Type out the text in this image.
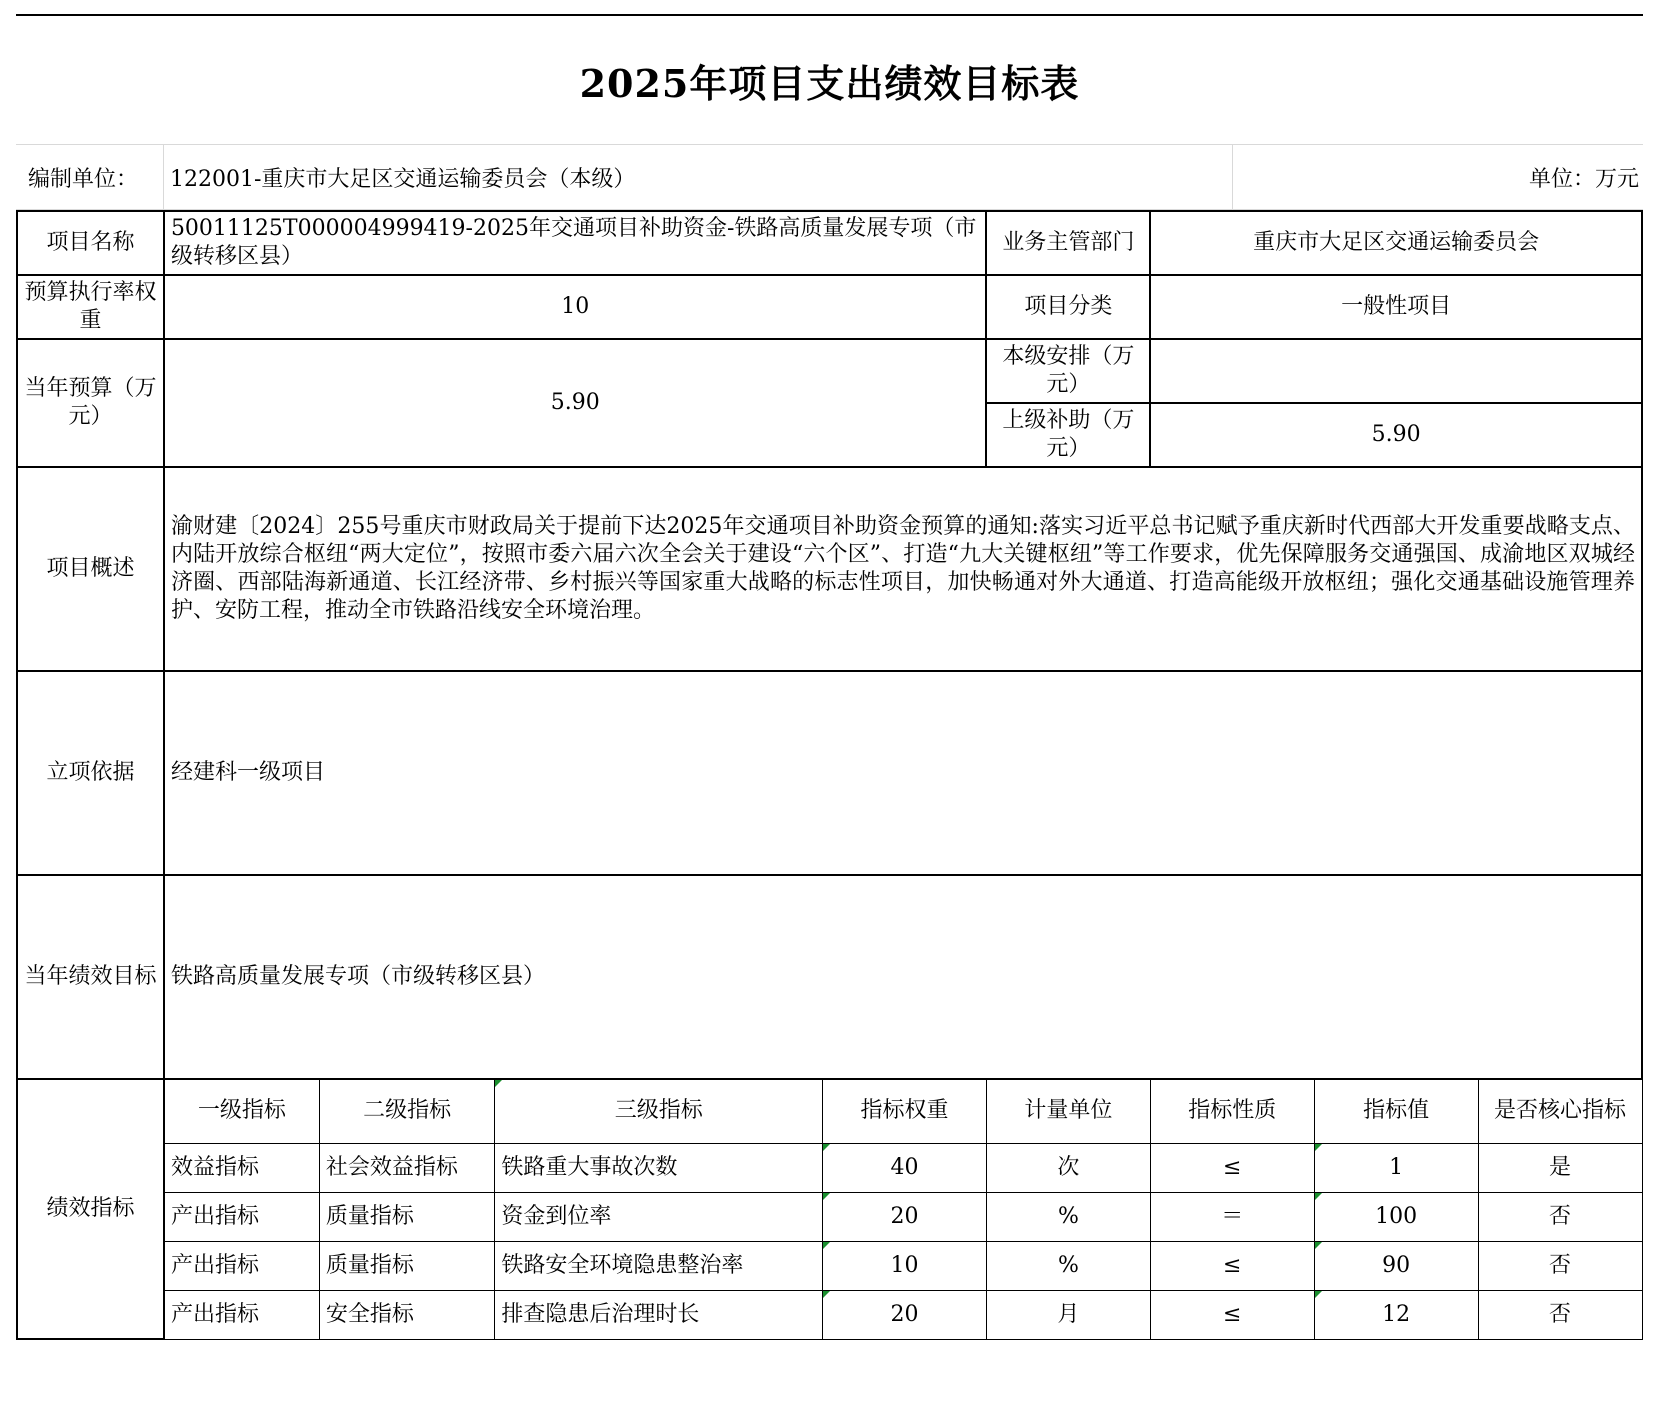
2025年项目支出绩效目标表
编制单位：	122001-重庆市大足区交通运输委员会（本级）	单位：万元
项目名称	50011125T000004999419-2025年交通项目补助资金-铁路高质量发展专项（市级转移区县）				业务主管部门	重庆市大足区交通运输委员会		
预算执行率权重	10				项目分类	一般性项目		
当年预算（万元）	5.90				本级安排（万元）			
					上级补助（万元）	5.90		
项目概述	渝财建〔2024〕255号重庆市财政局关于提前下达2025年交通项目补助资金预算的通知:落实习近平总书记赋予重庆新时代西部大开发重要战略支点、内陆开放综合枢纽“两大定位”，按照市委六届六次全会关于建设“六个区”、打造“九大关键枢纽”等工作要求，优先保障服务交通强国、成渝地区双城经济圈、西部陆海新通道、长江经济带、乡村振兴等国家重大战略的标志性项目，加快畅通对外大通道、打造高能级开放枢纽；强化交通基础设施管理养护、安防工程，推动全市铁路沿线安全环境治理。							
立项依据	经建科一级项目							
当年绩效目标	铁路高质量发展专项（市级转移区县）							
绩效指标	一级指标	二级指标	三级指标	指标权重	计量单位	指标性质	指标值	是否核心指标
	效益指标	社会效益指标	铁路重大事故次数	40	次	≤	1	是
	产出指标	质量指标	资金到位率	20	%	＝	100	否
	产出指标	质量指标	铁路安全环境隐患整治率	10	%	≤	90	否
	产出指标	安全指标	排查隐患后治理时长	20	月	≤	12	否
